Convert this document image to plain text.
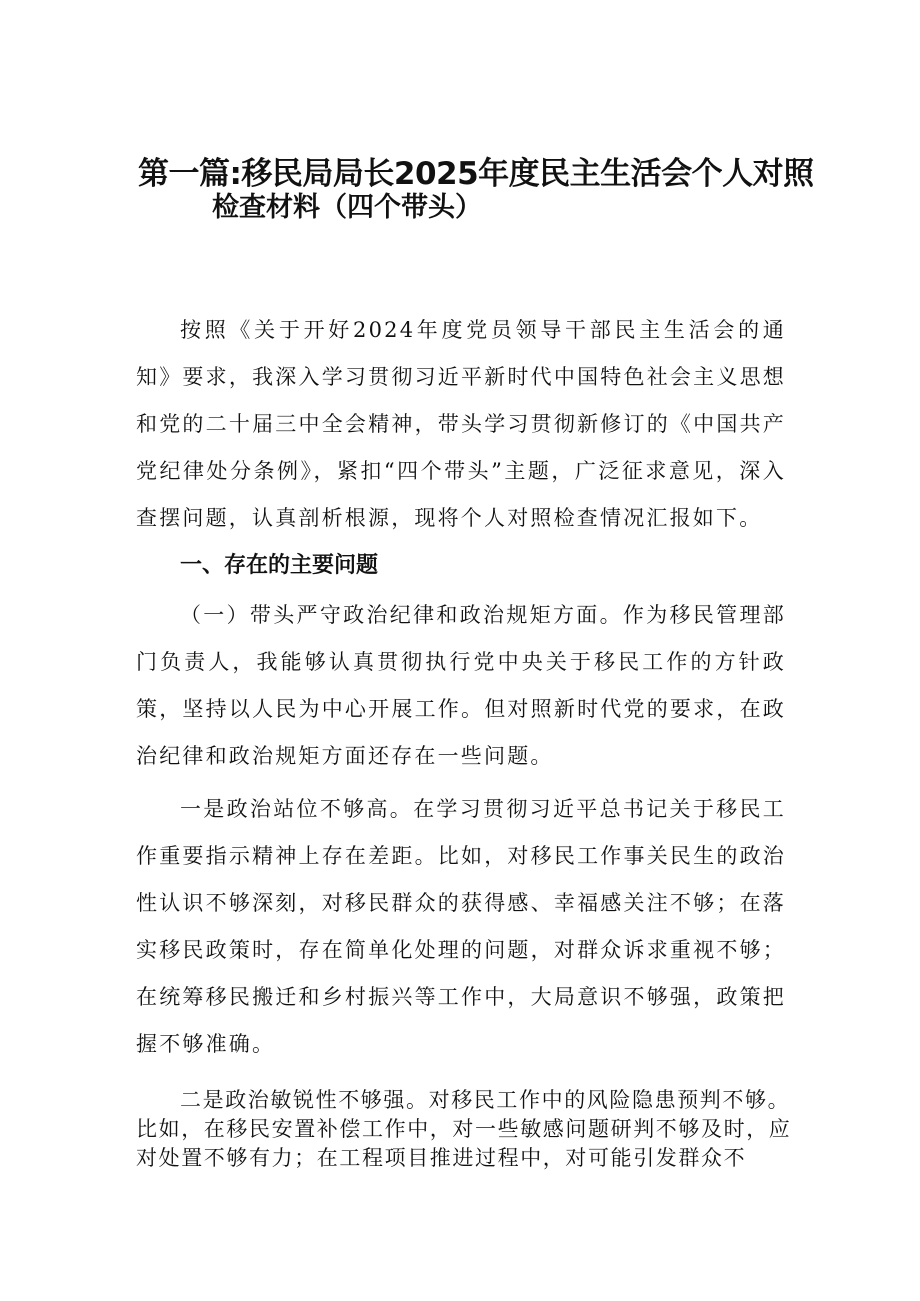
第一篇:移民局局长2025年度民主生活会个人对照
检查材料（四个带头）

按照《关于开好2024年度党员领导干部民主生活会的通知》要求，我深入学习贯彻习近平新时代中国特色社会主义思想和党的二十届三中全会精神，带头学习贯彻新修订的《中国共产党纪律处分条例》，紧扣“四个带头”主题，广泛征求意见，深入查摆问题，认真剖析根源，现将个人对照检查情况汇报如下。

一、存在的主要问题

（一）带头严守政治纪律和政治规矩方面。作为移民管理部门负责人，我能够认真贯彻执行党中央关于移民工作的方针政策，坚持以人民为中心开展工作。但对照新时代党的要求，在政治纪律和政治规矩方面还存在一些问题。

一是政治站位不够高。在学习贯彻习近平总书记关于移民工作重要指示精神上存在差距。比如，对移民工作事关民生的政治性认识不够深刻，对移民群众的获得感、幸福感关注不够；在落实移民政策时，存在简单化处理的问题，对群众诉求重视不够；在统筹移民搬迁和乡村振兴等工作中，大局意识不够强，政策把握不够准确。

二是政治敏锐性不够强。对移民工作中的风险隐患预判不够。比如，在移民安置补偿工作中，对一些敏感问题研判不够及时，应对处置不够有力；在工程项目推进过程中，对可能引发群众不
